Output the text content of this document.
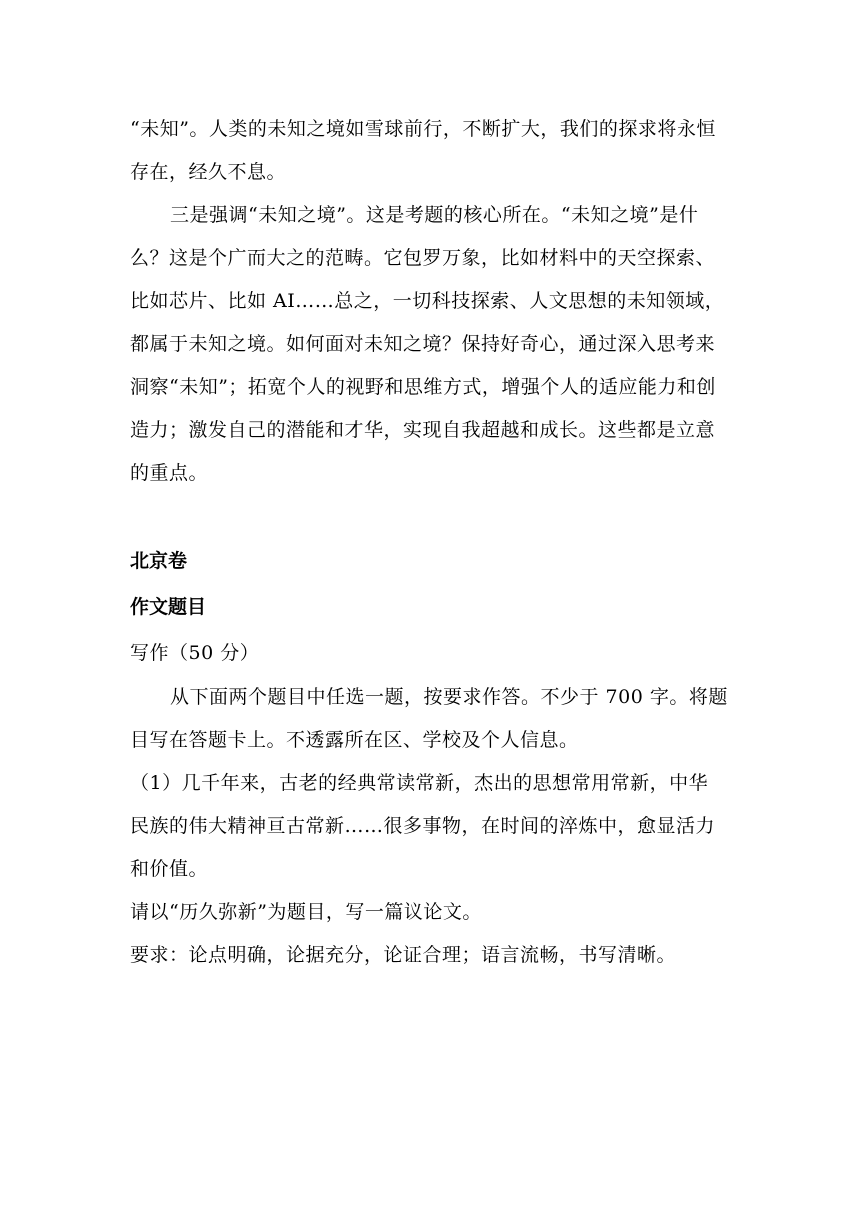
“未知”。人类的未知之境如雪球前行，不断扩大，我们的探求将永恒
存在，经久不息。
三是强调“未知之境”。这是考题的核心所在。“未知之境”是什
么？这是个广而大之的范畴。它包罗万象，比如材料中的天空探索、
比如芯片、比如 AI……总之，一切科技探索、人文思想的未知领域，
都属于未知之境。如何面对未知之境？保持好奇心，通过深入思考来
洞察“未知”；拓宽个人的视野和思维方式，增强个人的适应能力和创
造力；激发自己的潜能和才华，实现自我超越和成长。这些都是立意
的重点。
北京卷
作文题目
写作（50 分）
从下面两个题目中任选一题，按要求作答。不少于 700 字。将题
目写在答题卡上。不透露所在区、学校及个人信息。
（1）几千年来，古老的经典常读常新，杰出的思想常用常新，中华
民族的伟大精神亘古常新……很多事物，在时间的淬炼中，愈显活力
和价值。
请以“历久弥新”为题目，写一篇议论文。
要求：论点明确，论据充分，论证合理；语言流畅，书写清晰。
